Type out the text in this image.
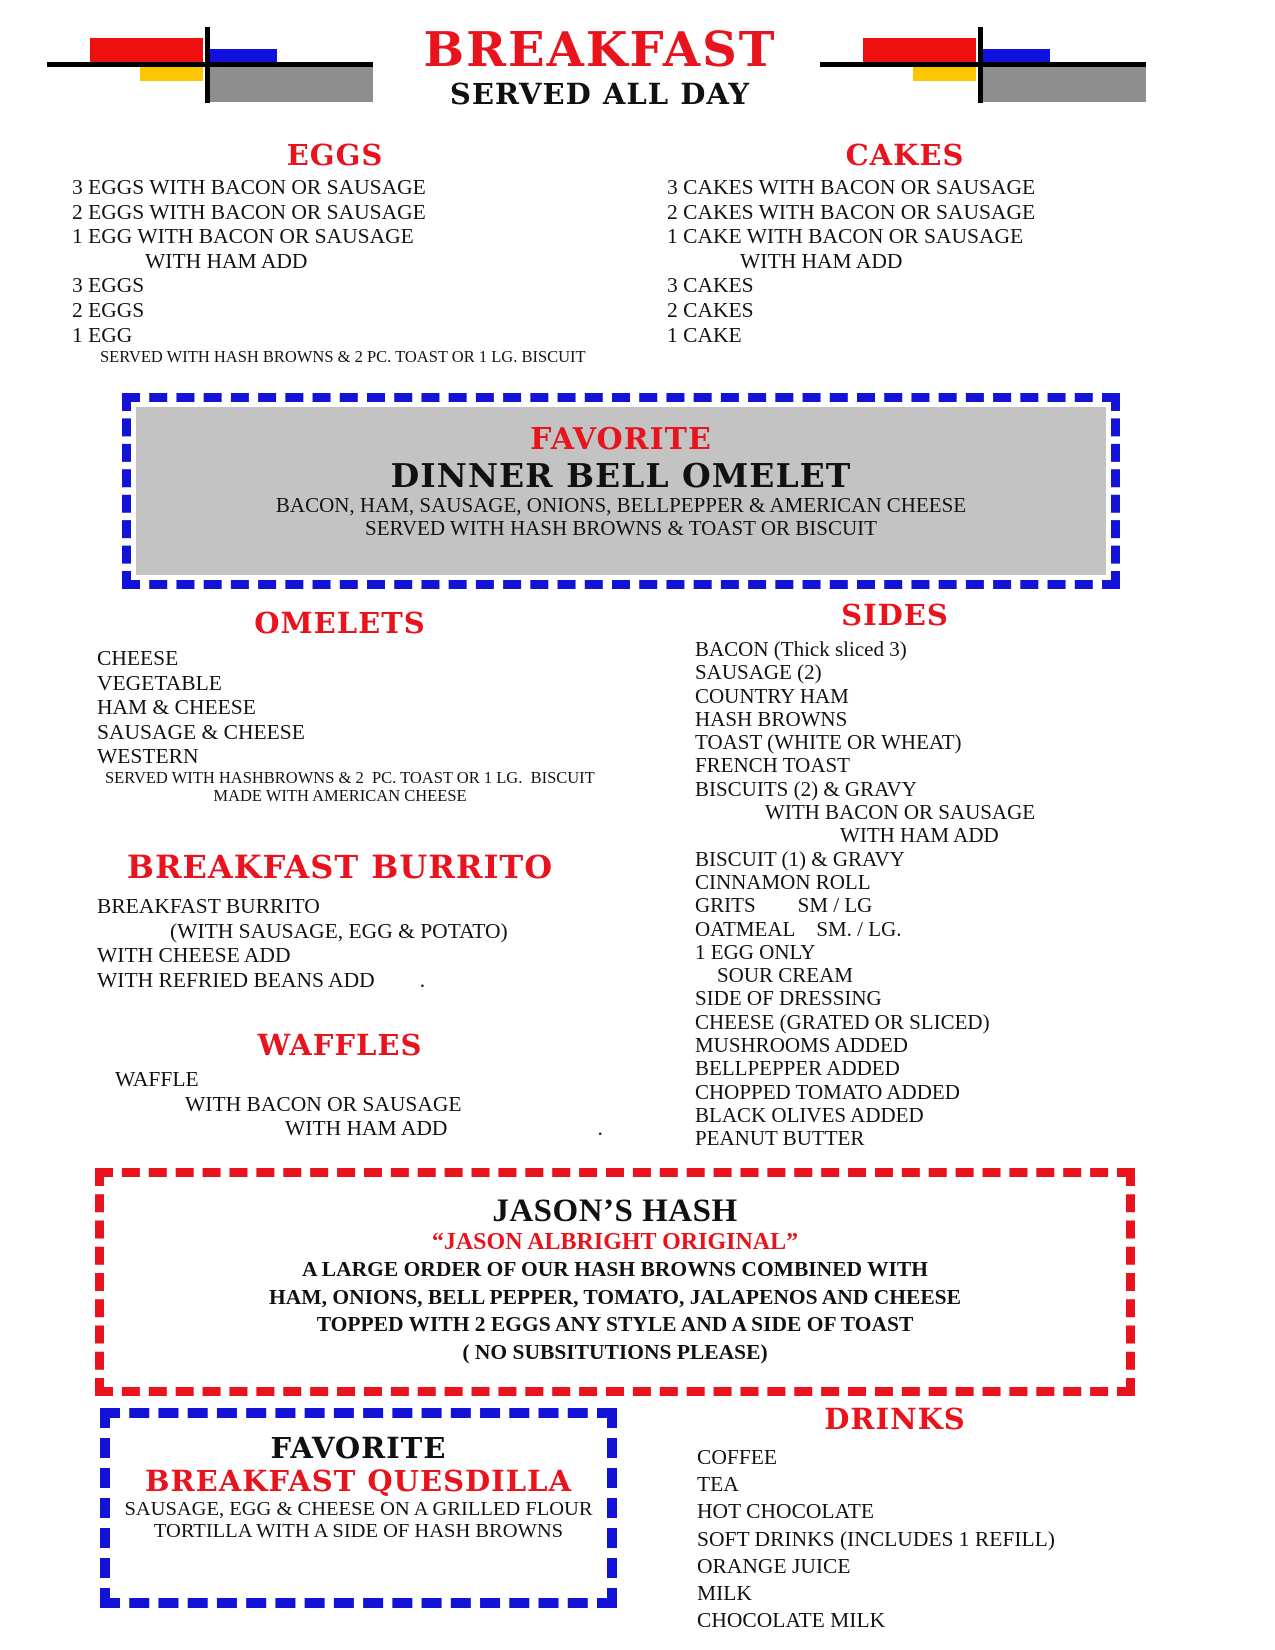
BREAKFAST
SERVED ALL DAY
EGGS
3 EGGS WITH BACON OR SAUSAGE
2 EGGS WITH BACON OR SAUSAGE
1 EGG WITH BACON OR SAUSAGE
WITH HAM ADD
3 EGGS
2 EGGS
1 EGG
SERVED WITH HASH BROWNS & 2 PC. TOAST OR 1 LG. BISCUIT
CAKES
3 CAKES WITH BACON OR SAUSAGE
2 CAKES WITH BACON OR SAUSAGE
1 CAKE WITH BACON OR SAUSAGE
WITH HAM ADD
3 CAKES
2 CAKES
1 CAKE
FAVORITE
DINNER BELL OMELET
BACON, HAM, SAUSAGE, ONIONS, BELLPEPPER & AMERICAN CHEESE
SERVED WITH HASH BROWNS & TOAST OR BISCUIT
OMELETS
CHEESE
VEGETABLE
HAM & CHEESE
SAUSAGE & CHEESE
WESTERN
SERVED WITH HASHBROWNS & 2  PC. TOAST OR 1 LG.  BISCUIT
MADE WITH AMERICAN CHEESE
SIDES
BACON (Thick sliced 3)
SAUSAGE (2)
COUNTRY HAM
HASH BROWNS
TOAST (WHITE OR WHEAT)
FRENCH TOAST
BISCUITS (2) & GRAVY
WITH BACON OR SAUSAGE
WITH HAM ADD
BISCUIT (1) & GRAVY
CINNAMON ROLL
GRITS        SM / LG
OATMEAL    SM. / LG.
1 EGG ONLY
SOUR CREAM
SIDE OF DRESSING
CHEESE (GRATED OR SLICED)
MUSHROOMS ADDED
BELLPEPPER ADDED
CHOPPED TOMATO ADDED
BLACK OLIVES ADDED
PEANUT BUTTER
BREAKFAST BURRITO
BREAKFAST BURRITO
(WITH SAUSAGE, EGG & POTATO)
WITH CHEESE ADD
WITH REFRIED BEANS ADD .
WAFFLES
WAFFLE
WITH BACON OR SAUSAGE
WITH HAM ADD	.
JASON’S HASH
“JASON ALBRIGHT ORIGINAL”
A LARGE ORDER OF OUR HASH BROWNS COMBINED WITH
HAM, ONIONS, BELL PEPPER, TOMATO, JALAPENOS AND CHEESE
TOPPED WITH 2 EGGS ANY STYLE AND A SIDE OF TOAST
( NO SUBSITUTIONS PLEASE)
FAVORITE
BREAKFAST QUESDILLA
SAUSAGE, EGG & CHEESE ON A GRILLED FLOUR
TORTILLA WITH A SIDE OF HASH BROWNS
DRINKS
COFFEE
TEA
HOT CHOCOLATE
SOFT DRINKS (INCLUDES 1 REFILL)
ORANGE JUICE
MILK
CHOCOLATE MILK
